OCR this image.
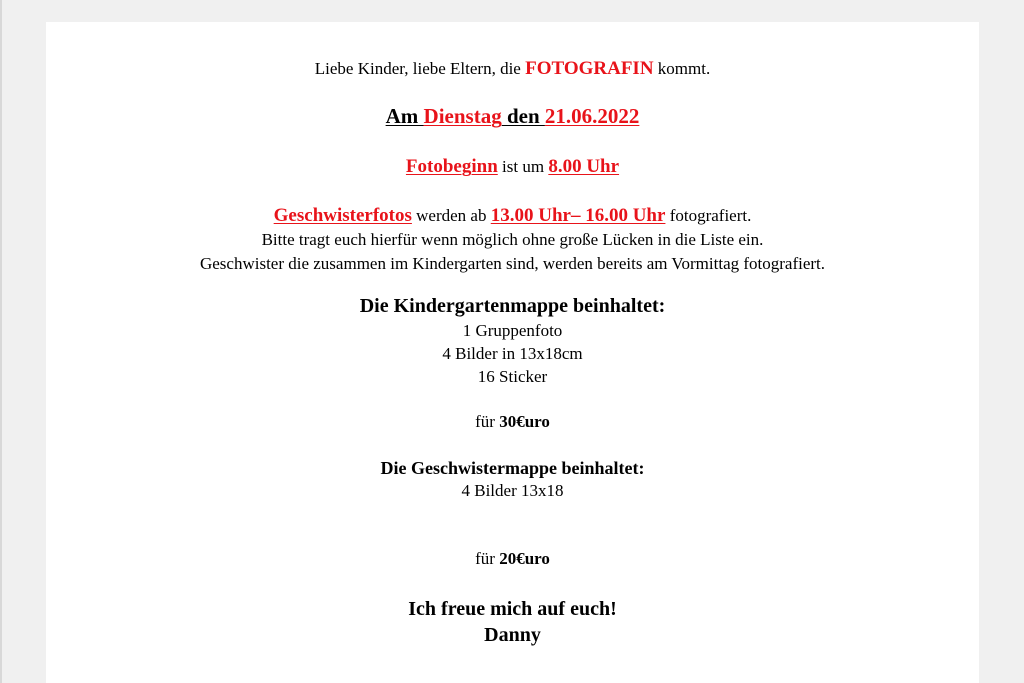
Liebe Kinder, liebe Eltern, die FOTOGRAFIN kommt.
Am Dienstag den 21.06.2022
Fotobeginn ist um 8.00 Uhr
Geschwisterfotos werden ab 13.00 Uhr– 16.00 Uhr fotografiert.
Bitte tragt euch hierfür wenn möglich ohne große Lücken in die Liste ein.
Geschwister die zusammen im Kindergarten sind, werden bereits am Vormittag fotografiert.
Die Kindergartenmappe beinhaltet:
1 Gruppenfoto
4 Bilder in 13x18cm
16 Sticker
für 30€uro
Die Geschwistermappe beinhaltet:
4 Bilder 13x18
für 20€uro
Ich freue mich auf euch!
Danny
